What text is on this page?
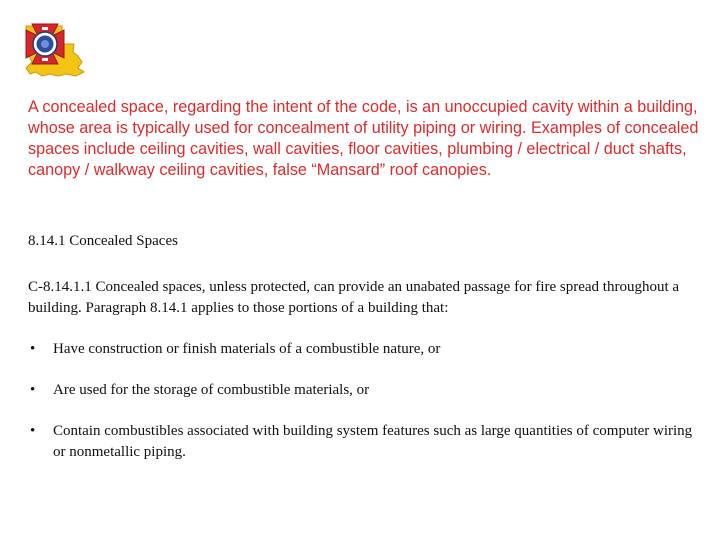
A concealed space, regarding the intent of the code, is an unoccupied cavity within a building, whose area is typically used for concealment of utility piping or wiring. Examples of concealed spaces include ceiling cavities, wall cavities, floor cavities, plumbing / electrical / duct shafts, canopy / walkway ceiling cavities, false “Mansard” roof canopies.

8.14.1 Concealed Spaces

C-8.14.1.1 Concealed spaces, unless protected, can provide an unabated passage for fire spread throughout a building. Paragraph 8.14.1 applies to those portions of a building that:

• Have construction or finish materials of a combustible nature, or
• Are used for the storage of combustible materials, or
• Contain combustibles associated with building system features such as large quantities of computer wiring or nonmetallic piping.
